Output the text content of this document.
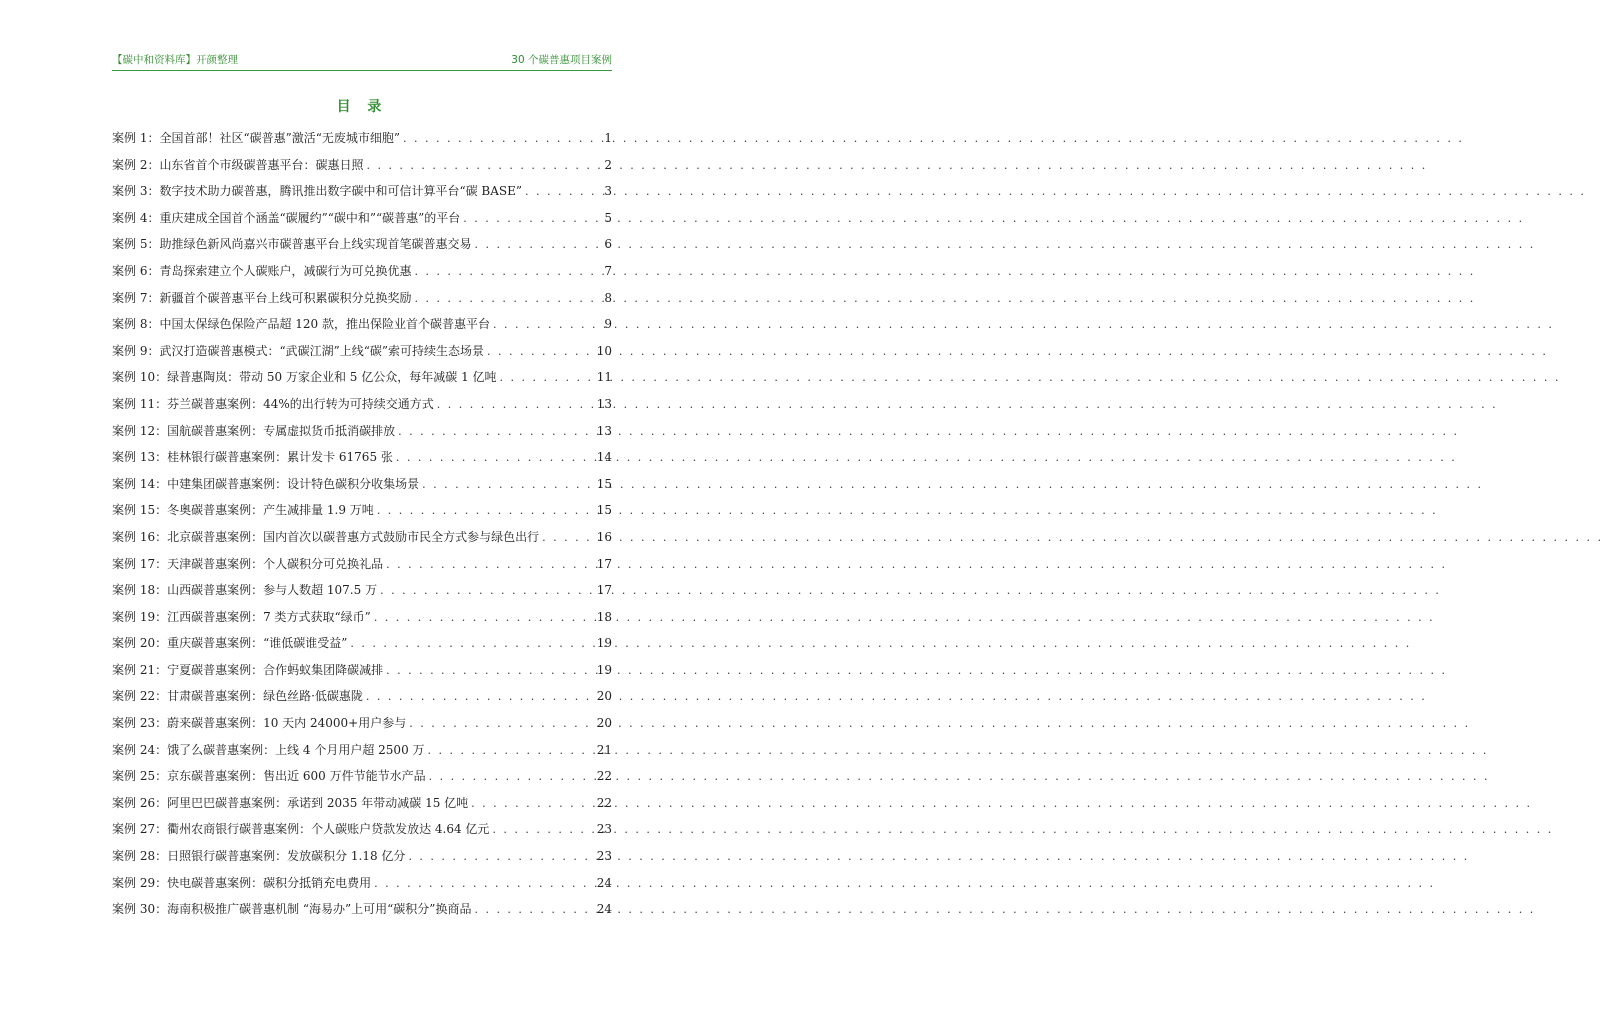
【碳中和资料库】开颜整理	30 个碳普惠项目案例
目 录
案例 1：全国首部！社区“碳普惠”激活“无废城市细胞” . . .	1
案例 2：山东省首个市级碳普惠平台：碳惠日照 . . .	2
案例 3：数字技术助力碳普惠，腾讯推出数字碳中和可信计算平台“碳 BASE” . . .	3
案例 4：重庆建成全国首个涵盖“碳履约”“碳中和”“碳普惠”的平台 . . .	5
案例 5：助推绿色新风尚嘉兴市碳普惠平台上线实现首笔碳普惠交易 . . .	6
案例 6：青岛探索建立个人碳账户，减碳行为可兑换优惠 . . .	7
案例 7：新疆首个碳普惠平台上线可积累碳积分兑换奖励 . . .	8
案例 8：中国太保绿色保险产品超 120 款，推出保险业首个碳普惠平台 . . .	9
案例 9：武汉打造碳普惠模式：“武碳江湖”上线“碳”索可持续生态场景 . . .	10
案例 10：绿普惠陶岚：带动 50 万家企业和 5 亿公众，每年减碳 1 亿吨 . . .	11
案例 11：芬兰碳普惠案例：44%的出行转为可持续交通方式 . . .	13
案例 12：国航碳普惠案例：专属虚拟货币抵消碳排放 . . .	13
案例 13：桂林银行碳普惠案例：累计发卡 61765 张 . . .	14
案例 14：中建集团碳普惠案例：设计特色碳积分收集场景 . . .	15
案例 15：冬奥碳普惠案例：产生减排量 1.9 万吨 . . .	15
案例 16：北京碳普惠案例：国内首次以碳普惠方式鼓励市民全方式参与绿色出行 . . .	16
案例 17：天津碳普惠案例：个人碳积分可兑换礼品 . . .	17
案例 18：山西碳普惠案例：参与人数超 107.5 万 . . .	17
案例 19：江西碳普惠案例：7 类方式获取“绿币” . . .	18
案例 20：重庆碳普惠案例：“谁低碳谁受益” . . .	19
案例 21：宁夏碳普惠案例：合作蚂蚁集团降碳减排 . . .	19
案例 22：甘肃碳普惠案例：绿色丝路·低碳惠陇 . . .	20
案例 23：蔚来碳普惠案例：10 天内 24000+用户参与 . . .	20
案例 24：饿了么碳普惠案例：上线 4 个月用户超 2500 万 . . .	21
案例 25：京东碳普惠案例：售出近 600 万件节能节水产品 . . .	22
案例 26：阿里巴巴碳普惠案例：承诺到 2035 年带动减碳 15 亿吨 . . .	22
案例 27：衢州农商银行碳普惠案例：个人碳账户贷款发放达 4.64 亿元 . . .	23
案例 28：日照银行碳普惠案例：发放碳积分 1.18 亿分 . . .	23
案例 29：快电碳普惠案例：碳积分抵销充电费用 . . .	24
案例 30：海南积极推广碳普惠机制 “海易办”上可用“碳积分”换商品 . . .	24
